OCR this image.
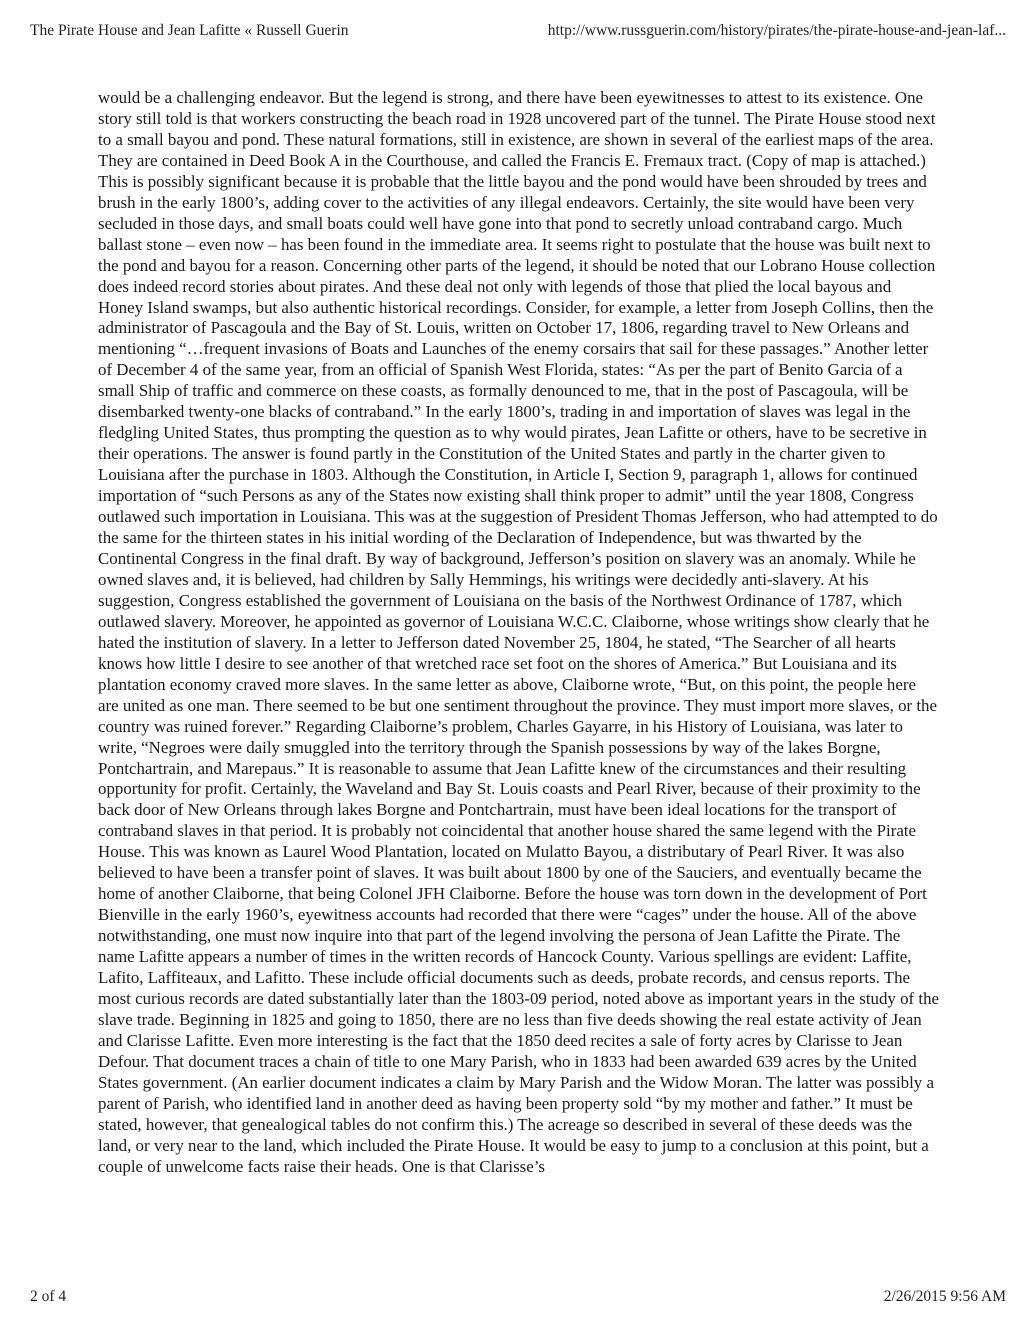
The Pirate House and Jean Lafitte « Russell Guerin	http://www.russguerin.com/history/pirates/the-pirate-house-and-jean-laf...

would be a challenging endeavor. But the legend is strong, and there have been eyewitnesses to attest to its existence. One story still told is that workers constructing the beach road in 1928 uncovered part of the tunnel. The Pirate House stood next to a small bayou and pond. These natural formations, still in existence, are shown in several of the earliest maps of the area. They are contained in Deed Book A in the Courthouse, and called the Francis E. Fremaux tract. (Copy of map is attached.) This is possibly significant because it is probable that the little bayou and the pond would have been shrouded by trees and brush in the early 1800’s, adding cover to the activities of any illegal endeavors. Certainly, the site would have been very secluded in those days, and small boats could well have gone into that pond to secretly unload contraband cargo. Much ballast stone – even now – has been found in the immediate area. It seems right to postulate that the house was built next to the pond and bayou for a reason. Concerning other parts of the legend, it should be noted that our Lobrano House collection does indeed record stories about pirates. And these deal not only with legends of those that plied the local bayous and Honey Island swamps, but also authentic historical recordings. Consider, for example, a letter from Joseph Collins, then the administrator of Pascagoula and the Bay of St. Louis, written on October 17, 1806, regarding travel to New Orleans and mentioning “…frequent invasions of Boats and Launches of the enemy corsairs that sail for these passages.” Another letter of December 4 of the same year, from an official of Spanish West Florida, states: “As per the part of Benito Garcia of a small Ship of traffic and commerce on these coasts, as formally denounced to me, that in the post of Pascagoula, will be disembarked twenty-one blacks of contraband.” In the early 1800’s, trading in and importation of slaves was legal in the fledgling United States, thus prompting the question as to why would pirates, Jean Lafitte or others, have to be secretive in their operations. The answer is found partly in the Constitution of the United States and partly in the charter given to Louisiana after the purchase in 1803. Although the Constitution, in Article I, Section 9, paragraph 1, allows for continued importation of “such Persons as any of the States now existing shall think proper to admit” until the year 1808, Congress outlawed such importation in Louisiana. This was at the suggestion of President Thomas Jefferson, who had attempted to do the same for the thirteen states in his initial wording of the Declaration of Independence, but was thwarted by the Continental Congress in the final draft. By way of background, Jefferson’s position on slavery was an anomaly. While he owned slaves and, it is believed, had children by Sally Hemmings, his writings were decidedly anti-slavery. At his suggestion, Congress established the government of Louisiana on the basis of the Northwest Ordinance of 1787, which outlawed slavery. Moreover, he appointed as governor of Louisiana W.C.C. Claiborne, whose writings show clearly that he hated the institution of slavery. In a letter to Jefferson dated November 25, 1804, he stated, “The Searcher of all hearts knows how little I desire to see another of that wretched race set foot on the shores of America.” But Louisiana and its plantation economy craved more slaves. In the same letter as above, Claiborne wrote, “But, on this point, the people here are united as one man. There seemed to be but one sentiment throughout the province. They must import more slaves, or the country was ruined forever.” Regarding Claiborne’s problem, Charles Gayarre, in his History of Louisiana, was later to write, “Negroes were daily smuggled into the territory through the Spanish possessions by way of the lakes Borgne, Pontchartrain, and Marepaus.” It is reasonable to assume that Jean Lafitte knew of the circumstances and their resulting opportunity for profit. Certainly, the Waveland and Bay St. Louis coasts and Pearl River, because of their proximity to the back door of New Orleans through lakes Borgne and Pontchartrain, must have been ideal locations for the transport of contraband slaves in that period. It is probably not coincidental that another house shared the same legend with the Pirate House. This was known as Laurel Wood Plantation, located on Mulatto Bayou, a distributary of Pearl River. It was also believed to have been a transfer point of slaves. It was built about 1800 by one of the Sauciers, and eventually became the home of another Claiborne, that being Colonel JFH Claiborne. Before the house was torn down in the development of Port Bienville in the early 1960’s, eyewitness accounts had recorded that there were “cages” under the house. All of the above notwithstanding, one must now inquire into that part of the legend involving the persona of Jean Lafitte the Pirate. The name Lafitte appears a number of times in the written records of Hancock County. Various spellings are evident: Laffite, Lafito, Laffiteaux, and Lafitto. These include official documents such as deeds, probate records, and census reports. The most curious records are dated substantially later than the 1803-09 period, noted above as important years in the study of the slave trade. Beginning in 1825 and going to 1850, there are no less than five deeds showing the real estate activity of Jean and Clarisse Lafitte. Even more interesting is the fact that the 1850 deed recites a sale of forty acres by Clarisse to Jean Defour. That document traces a chain of title to one Mary Parish, who in 1833 had been awarded 639 acres by the United States government. (An earlier document indicates a claim by Mary Parish and the Widow Moran. The latter was possibly a parent of Parish, who identified land in another deed as having been property sold “by my mother and father.” It must be stated, however, that genealogical tables do not confirm this.) The acreage so described in several of these deeds was the land, or very near to the land, which included the Pirate House. It would be easy to jump to a conclusion at this point, but a couple of unwelcome facts raise their heads. One is that Clarisse’s

2 of 4	2/26/2015 9:56 AM
